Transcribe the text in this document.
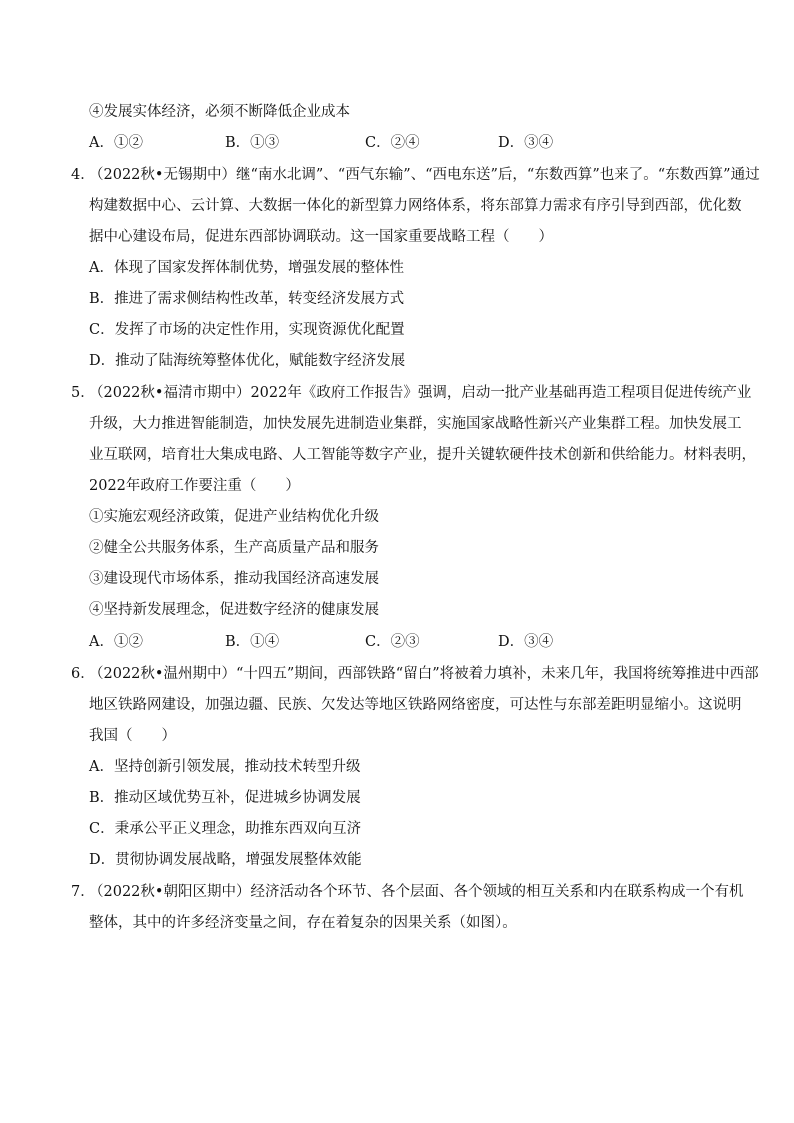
④发展实体经济，必须不断降低企业成本
A．①②	B．①③	C．②④	D．③④
4．
（2022秋•无锡期中）继“南水北调”、“西气东输”、“西电东送”后，“东数西算”也来了。“东数西算”通过
构建数据中心、云计算、大数据一体化的新型算力网络体系，将东部算力需求有序引导到西部，优化数
据中心建设布局，促进东西部协调联动。这一国家重要战略工程（　　）
A．体现了国家发挥体制优势，增强发展的整体性
B．推进了需求侧结构性改革，转变经济发展方式
C．发挥了市场的决定性作用，实现资源优化配置
D．推动了陆海统筹整体优化，赋能数字经济发展
5．
（2022秋•福清市期中）2022年《政府工作报告》强调，启动一批产业基础再造工程项目促进传统产业
升级，大力推进智能制造，加快发展先进制造业集群，实施国家战略性新兴产业集群工程。加快发展工
业互联网，培育壮大集成电路、人工智能等数字产业，提升关键软硬件技术创新和供给能力。材料表明，
2022年政府工作要注重（　　）
①实施宏观经济政策，促进产业结构优化升级
②健全公共服务体系，生产高质量产品和服务
③建设现代市场体系，推动我国经济高速发展
④坚持新发展理念，促进数字经济的健康发展
A．①②	B．①④	C．②③	D．③④
6．
（2022秋•温州期中）“十四五”期间，西部铁路“留白”将被着力填补，未来几年，我国将统筹推进中西部
地区铁路网建设，加强边疆、民族、欠发达等地区铁路网络密度，可达性与东部差距明显缩小。这说明
我国（　　）
A．坚持创新引领发展，推动技术转型升级
B．推动区域优势互补，促进城乡协调发展
C．秉承公平正义理念，助推东西双向互济
D．贯彻协调发展战略，增强发展整体效能
7．
（2022秋•朝阳区期中）经济活动各个环节、各个层面、各个领域的相互关系和内在联系构成一个有机
整体，其中的许多经济变量之间，存在着复杂的因果关系（如图）。
